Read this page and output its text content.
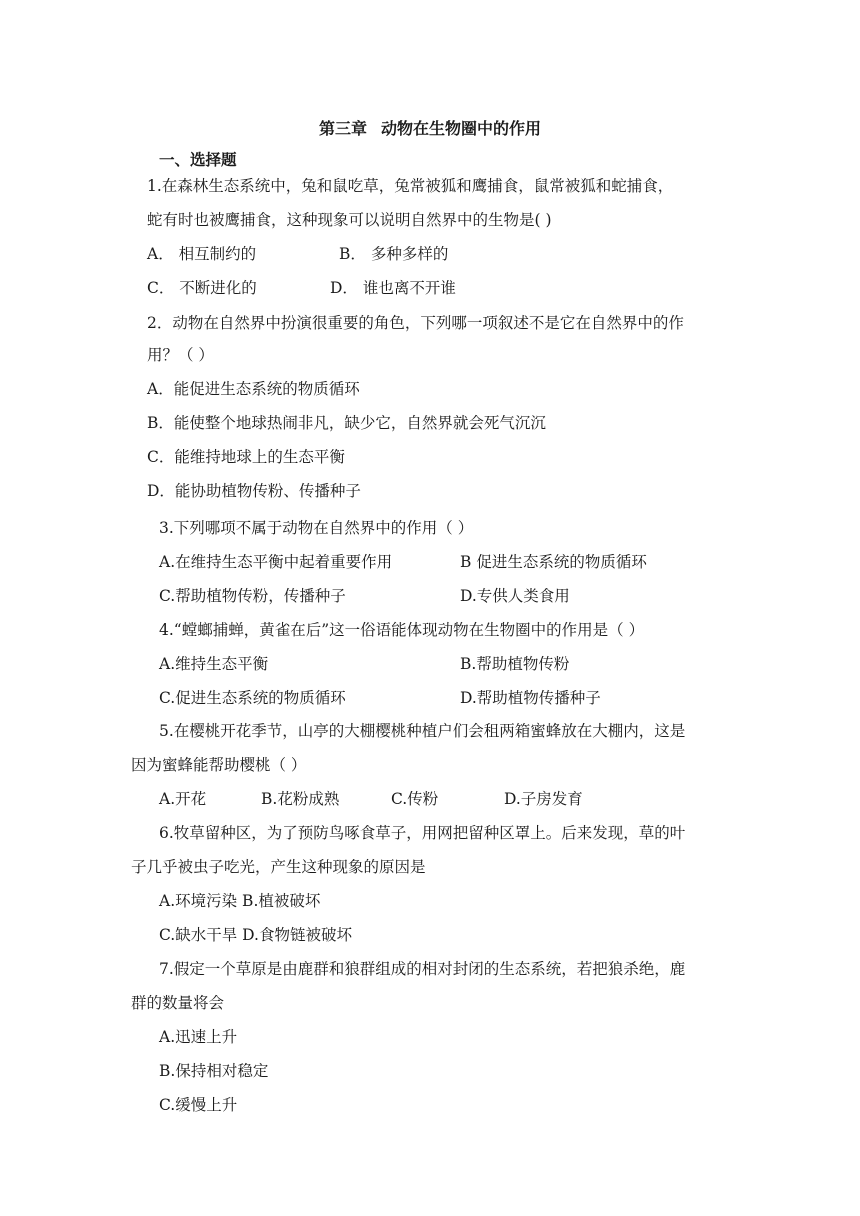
第三章 动物在生物圈中的作用
一、选择题
1.在森林生态系统中，兔和鼠吃草，兔常被狐和鹰捕食，鼠常被狐和蛇捕食，
蛇有时也被鹰捕食，这种现象可以说明自然界中的生物是( )
A． 相互制约的	B． 多种多样的
C． 不断进化的	D． 谁也离不开谁
2．动物在自然界中扮演很重要的角色，下列哪一项叙述不是它在自然界中的作
用？（ ）
A．能促进生态系统的物质循环
B．能使整个地球热闹非凡，缺少它，自然界就会死气沉沉
C．能维持地球上的生态平衡
D．能协助植物传粉、传播种子
3.下列哪项不属于动物在自然界中的作用（ ）
A.在维持生态平衡中起着重要作用	B 促进生态系统的物质循环
C.帮助植物传粉，传播种子	D.专供人类食用
4.“螳螂捕蝉，黄雀在后”这一俗语能体现动物在生物圈中的作用是（ ）
A.维持生态平衡	B.帮助植物传粉
C.促进生态系统的物质循环	D.帮助植物传播种子
5.在樱桃开花季节，山亭的大棚樱桃种植户们会租两箱蜜蜂放在大棚内，这是
因为蜜蜂能帮助樱桃（ ）
A.开花	B.花粉成熟	C.传粉	D.子房发育
6.牧草留种区，为了预防鸟啄食草子，用网把留种区罩上。后来发现，草的叶
子几乎被虫子吃光，产生这种现象的原因是
A.环境污染 B.植被破坏
C.缺水干旱 D.食物链被破坏
7.假定一个草原是由鹿群和狼群组成的相对封闭的生态系统，若把狼杀绝，鹿
群的数量将会
A.迅速上升
B.保持相对稳定
C.缓慢上升
